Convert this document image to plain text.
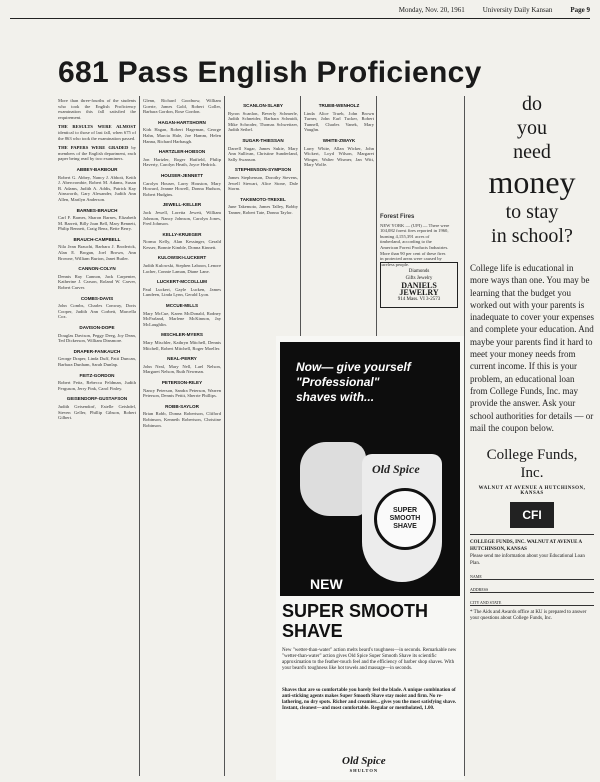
Monday, Nov. 20, 1961	University Daily Kansan	Page 9
681 Pass English Proficiency

More than three-fourths of the students who took the English Proficiency examination this fall satisfied the requirement.

THE RESULTS WERE ALMOST identical to those of last fall, when 675 of the 863 who took the examination passed.

THE PAPERS WERE GRADED by members of the English department, each paper being read by two examiners.

ABBEY-BARBOUR

Robert G. Abbey, Nancy J. Abbott, Keith J. Abercrombie, Robert M. Adams, Susan B. Adams, Judith A. Addis, Patrick Kay Ainsworth, Gary Alexander, Judith Ann Allen, Marilyn Anderson.

BARNES-BRAUCH

Carl F. Barnes, Sharon Barnes, Elizabeth M. Barrett, Billy Joan Bell, Mary Bennett, Philip Bennett, Craig Benz, Bette Berry.

BRAUCH-CAMPBELL

Nila Jean Brauchi, Barbara J. Broderick, Alan E. Brogan, Joel Brown, Ann Browne, William Burton, Janet Butler.

CANNON-COLYN

Dennis Ray Cannon, Jack Carpenter, Katherine J. Carson, Roland W. Carver, Robert Carver.

COMBS-DAVIS

John Combs, Charles Conway, Doris Cooper, Judith Ann Corbett, Marcella Cox.

DAVISON-DOPE

Douglas Davison, Peggy Deeg, Joy Dean, Ted Dickerson, William Dinsmore.

DRAPER-FANKAUCH

George Draper, Linda Duff, Patti Duncan, Barbara Dunham, Sarah Dunlap.

FEITZ-GORDON

Robert Feitz, Rebecca Feldman, Judith Ferguson, Jerry Fink, Carol Finley.

GEISENDORF-GUSTAFSON

Judith Geisendorf, Estelle Geishdel, Steven Geller, Phillip Gibson, Robert Gilbert.

Glenn, Richard Goodnow, William Goerie, James Gold, Robert Goller, Barbara Gordon, Rose Gordon.

HAGAN-HARTSHORN

Kirk Hagan, Robert Hageman, George Hahn, Marcia Hale, Joe Hamm, Helen Hanna, Richard Harbaugh.

HARTZLER-HOBSON

Jon Hartzler, Roger Hatfield, Philip Haverty, Carolyn Heath, Joyce Hedrick.

HOUSER-JENNETT

Carolyn Houser, Larry Houston, Mary Howard, Jeanne Howell, Donna Hudson, Robert Hudgins.

JEWELL-KELLER

Jack Jewell, Loretta Jewett, William Johnson, Nancy Johnson, Carolyn Jones, Fred Johnson.

KELLY-KRUEGER

Norma Kelly, Alan Kessinger, Gerald Kesser, Bonnie Kimble, Donna Kinnett.

KULOWSKI-LUCKERT

Judith Kulowski, Stephen Laboon, Lenore Lacher, Connie Laman, Diane Lane.

LUCKERT-MCCOLLUM

Paul Luckert, Gayle Lucken, James Lundeen, Linda Lynn, Gerald Lyon.

MCCUE-MILLS

Mary McCue, Karen McDonald, Rodney McFarland, Marlene McKinnon, Jay McLaughlin.

MISCHLER-MYERS

Mary Mischler, Kathryn Mitchell, Dennis Mitchell, Robert Mitchell, Roger Moeller.

NEAL-PERRY

John Neal, Mary Nell, Lael Nelson, Margaret Nelson, Ruth Newman.

PETERSON-RILEY

Nancy Peterson, Sandra Peterson, Warren Peterson, Dennis Pettit, Sherrie Phillips.

ROBB-SAYLOR

Brian Robb, Donna Robertson, Clifford Robinson, Kenneth Robertson, Christine Robinson.

SCANLON-SLABY

Byron Scanlon, Beverly Schmerle, Judith Schneider, Barbara Schmidt, Mike Schroder, Thomas Schweitzer, Judith Seibel.

SUGAR-THIESSAN

Darrell Sugar, James Sukie, Mary Ann Sullivan, Christine Sunderland, Sally Swanson.

STEPHENSON-SYMPSON

James Stephenson, Dorothy Stevens, Jewell Stewart, Alice Stone, Dale Storm.

TAKEMOTO-TREXEL

June Takemoto, James Talley, Bobby Tanner, Robert Tate, Donna Taylor.

TRUEB-WENHOLZ

Linda Alice Trueb, John Brown Turner, John Earl Tucker, Robert Tunnell, Charles Vanek, Mary Vaughn.

WHITE-ZWAYK

Larry White, Allan Wicker, John Wickert, Loyd Wilson, Margaret Winger, Walter Wismer, Jan Witt, Mary Wolfe.

Forest Fires
NEW YORK — (UPI) — There were 104,082 forest fires reported in 1960, burning 4,155,391 acres of timberland, according to the American Forest Products Industries. More than 90 per cent of these fires in protected areas were caused by careless people.
Diamonds
Gifts Jewelry
DANIELS JEWELRY
914 Mass. VI 3-2573
Now— give yourself "Professional" shaves with...
Old Spice
SUPER
SMOOTH
SHAVE
NEW
SUPER SMOOTH SHAVE
New "wetter-than-water" action melts beard's toughness—in seconds. Remarkable new "wetter-than-water" action gives Old Spice Super Smooth Shave its scientific approximation to the feather-touch feel and the efficiency of barber shop shaves. With your beard's toughness like hot towels and massage—in seconds.
Shaves that are so comfortable you barely feel the blade. A unique combination of anti-sticking agents makes Super Smooth Shave stay moist and firm. No re-lathering, no dry spots. Richer and creamier... gives you the most satisfying shave. Instant, cleanest—and most comfortable. Regular or mentholated, 1.00.
Old Spice
SHULTON
do
you
need
money
to stay
in school?
College life is educational in more ways than one. You may be learning that the budget you worked out with your parents is inadequate to cover your expenses and complete your education. And maybe your parents find it hard to meet your money needs from current income. If this is your problem, an educational loan from College Funds, Inc. may provide the answer. Ask your school authorities for details — or mail the coupon below.
College Funds,
Inc.
WALNUT AT AVENUE A HUTCHINSON, KANSAS
CFI
COLLEGE FUNDS, INC. WALNUT AT AVENUE A HUTCHINSON, KANSAS
Please send me information about your Educational Loan Plan.
NAME
ADDRESS
CITY AND STATE
* The Aids and Awards office at KU is prepared to answer your questions about College Funds, Inc.
